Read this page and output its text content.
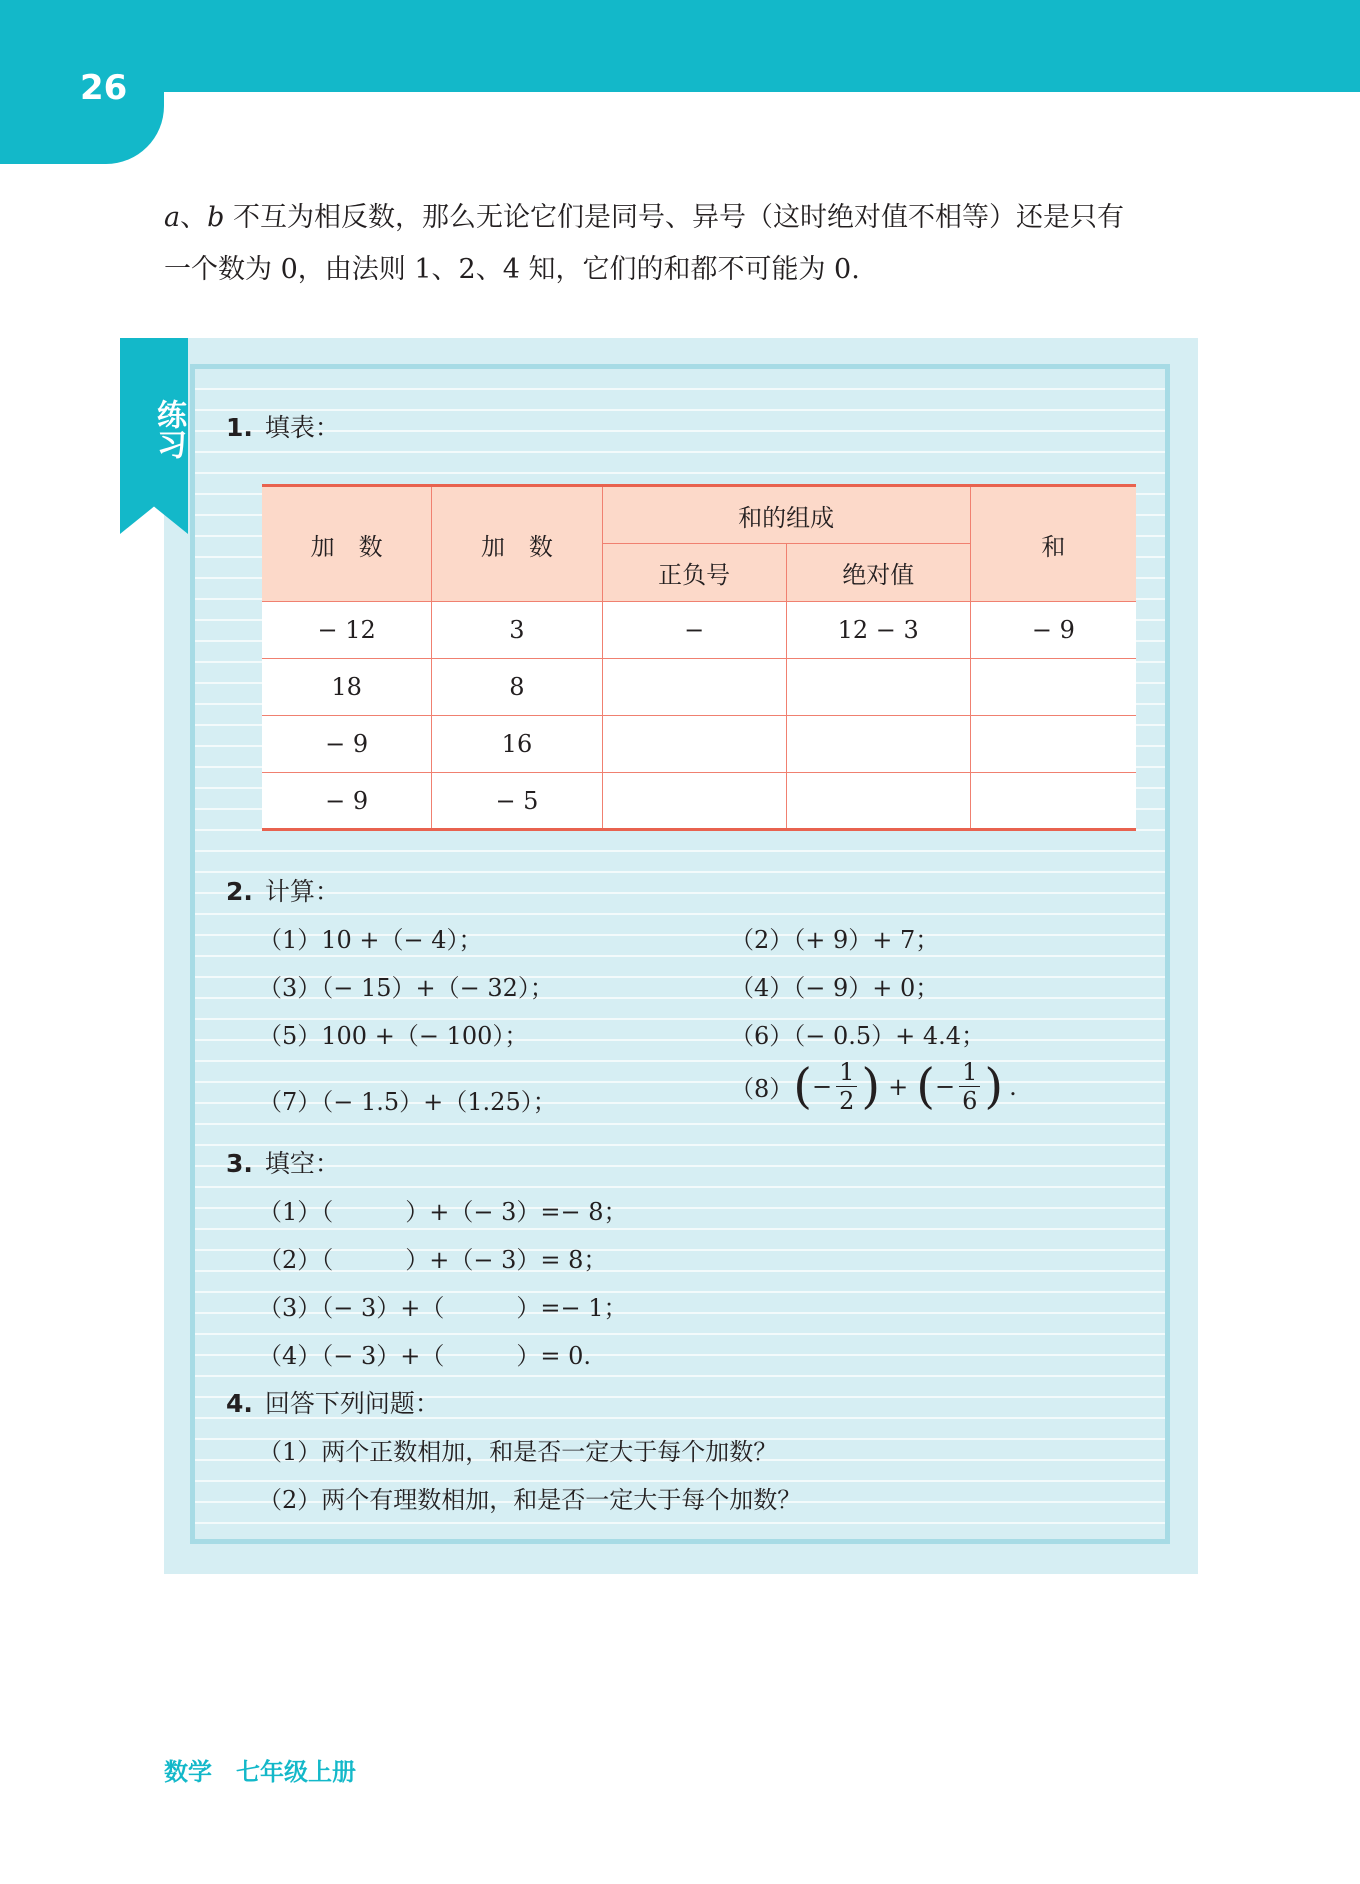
26

a、b 不互为相反数，那么无论它们是同号、异号（这时绝对值不相等）还是只有

一个数为 0，由法则 1、2、4 知，它们的和都不可能为 0.

练习 1. 填表：
加　数	加　数	和的组成		和
		正负号	绝对值	
− 12	3	−	12 − 3	− 9
18	8			
− 9	16			
− 9	− 5			
2. 计算：
（1）10 +（− 4）；	（2）（+ 9）+ 7；
（3）（− 15）+（− 32）；	（4）（− 9）+ 0；
（5）100 +（− 100）；	（6）（− 0.5）+ 4.4；
（7）（− 1.5）+（1.25）；	$(8)(- \frac{1}{2}$ ) + (− $\frac{1}{6}$ ) .
3. 填空：
（1）（　　　）+（− 3）=− 8；
（2）（　　　）+（− 3）= 8；
（3）（− 3）+（　　　）=− 1；
（4）（− 3）+（　　　）= 0.
4. 回答下列问题：
（1）两个正数相加，和是否一定大于每个加数？
（2）两个有理数相加，和是否一定大于每个加数？
数学 七年级上册
